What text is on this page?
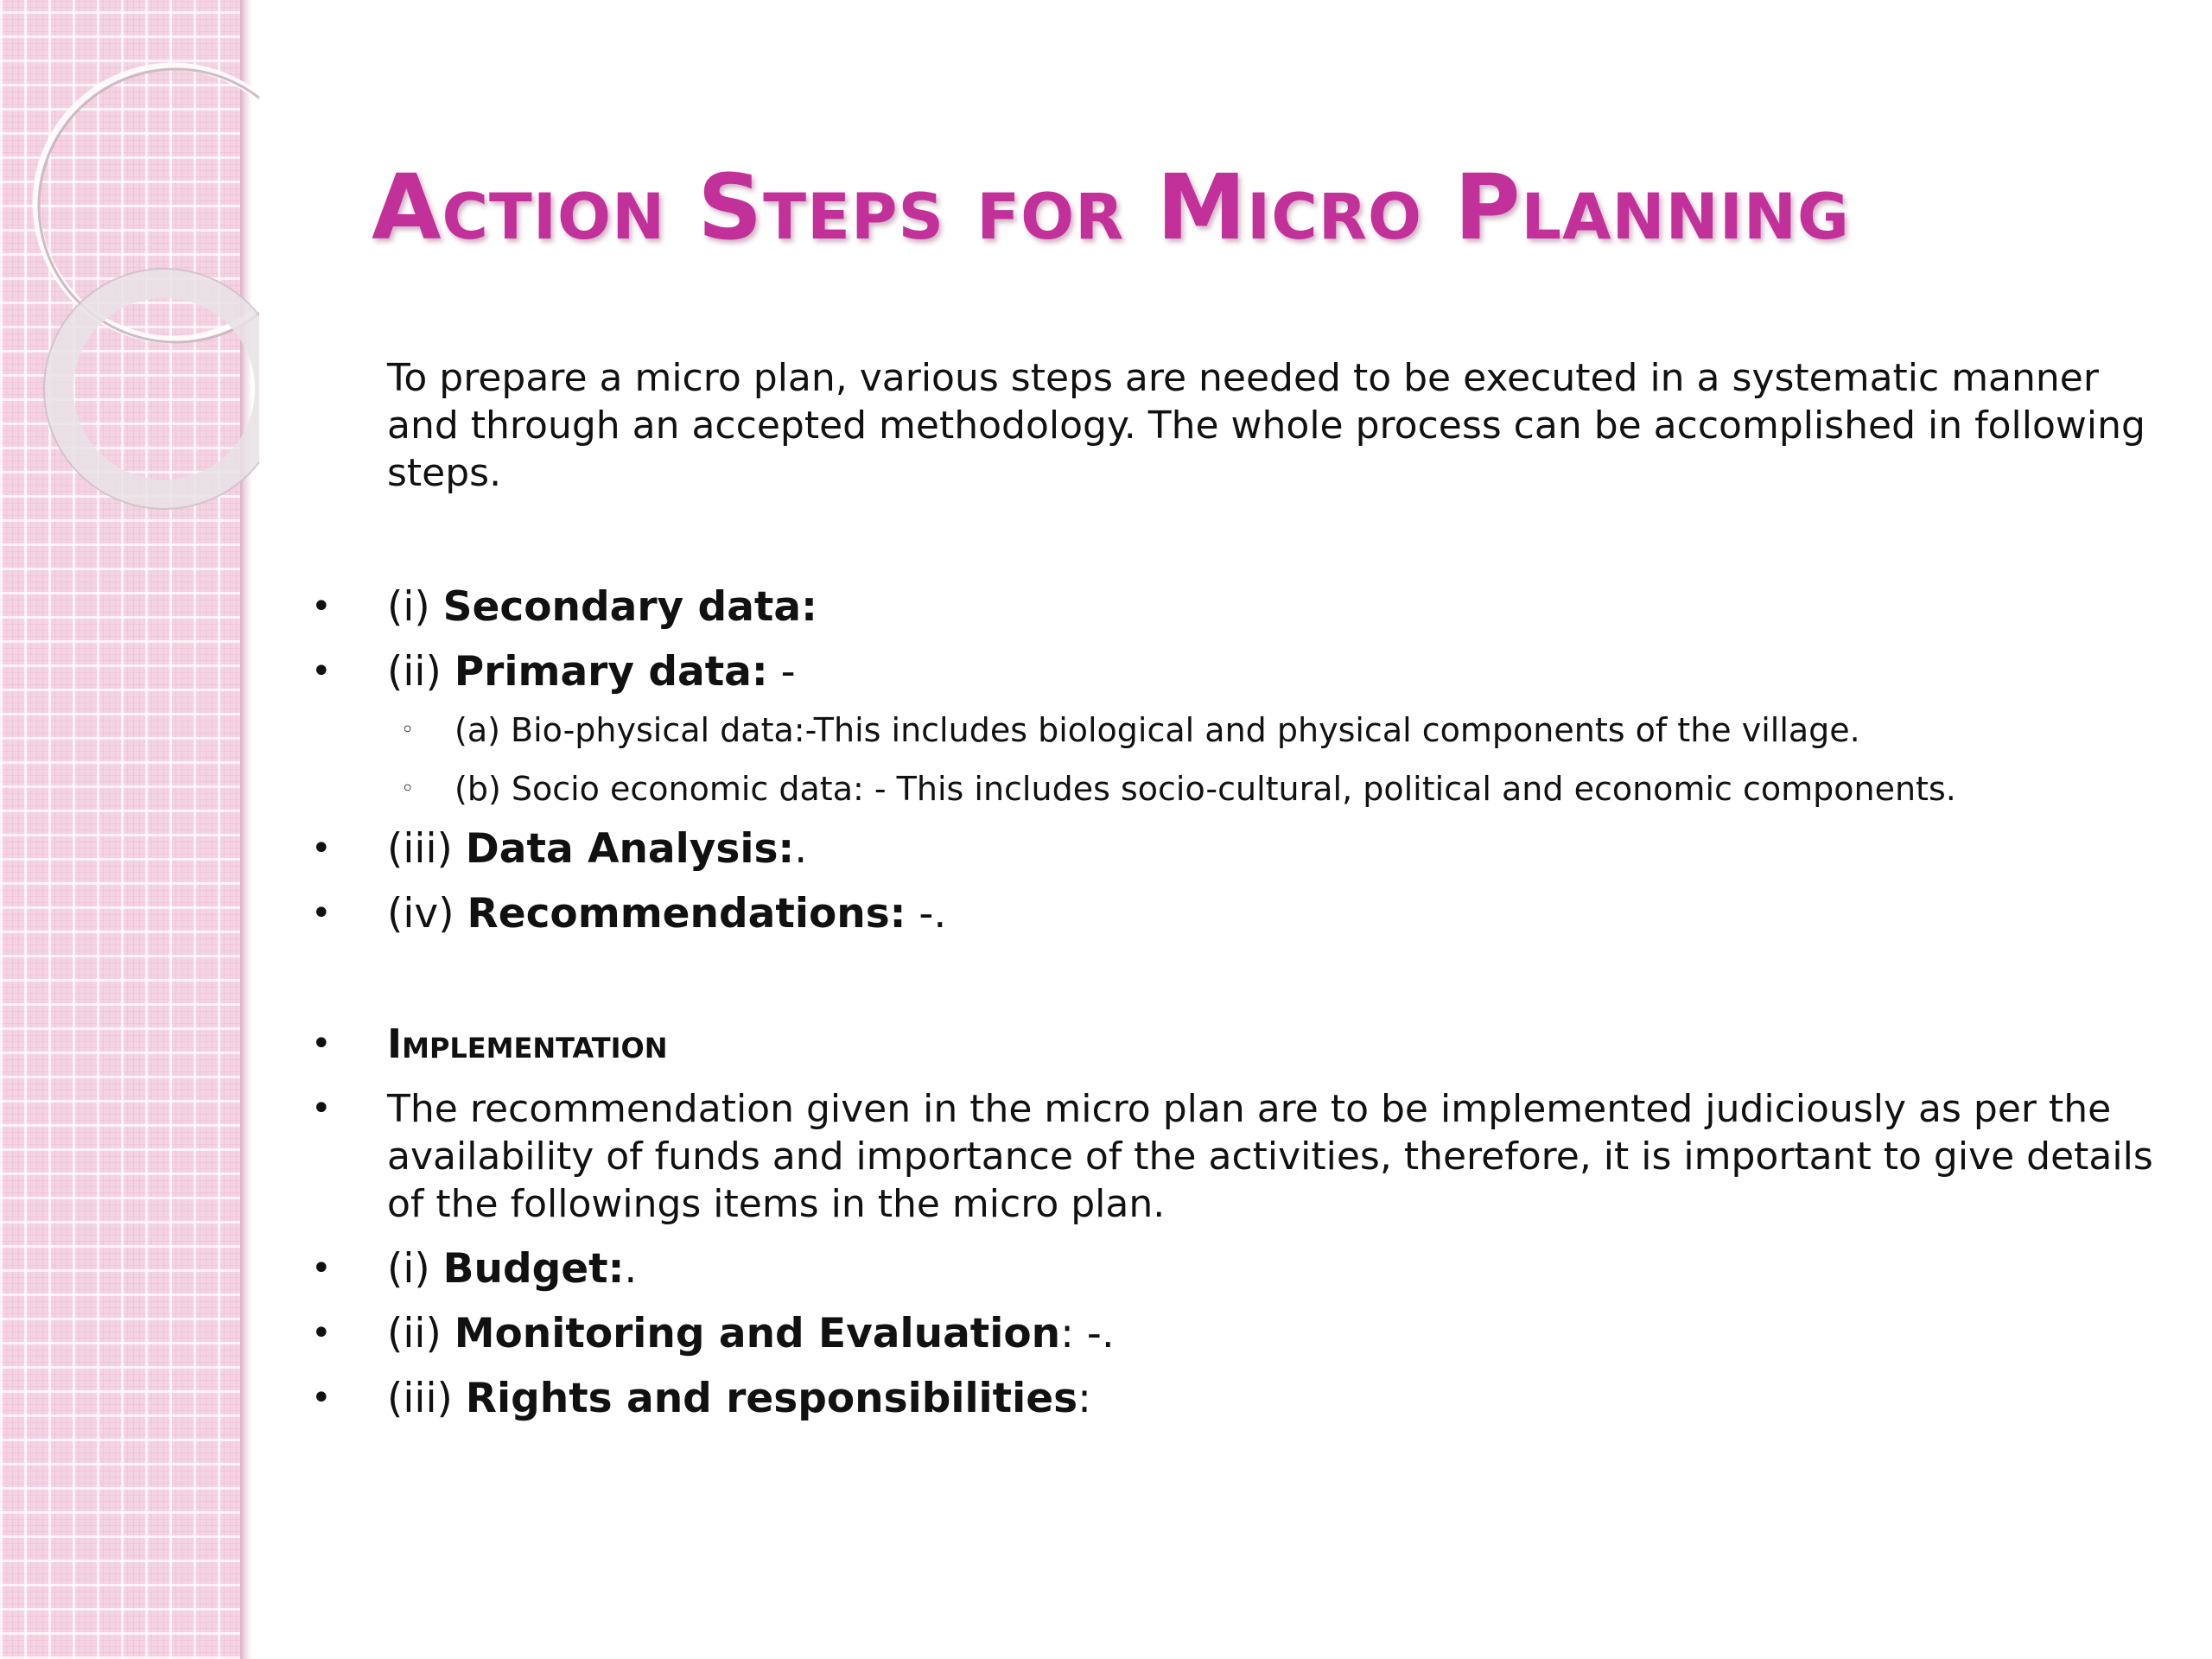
Action Steps for Micro Planning

To prepare a micro plan, various steps are needed to be executed in a systematic manner and through an accepted methodology. The whole process can be accomplished in following steps.

•	(i) Secondary data:
•	(ii) Primary data: -
◦ (a) Bio-physical data:-This includes biological and physical components of the village.
◦ (b) Socio economic data: - This includes socio-cultural, political and economic components.
•	(iii) Data Analysis:.
•	(iv) Recommendations: -.
•	Implementation
•	The recommendation given in the micro plan are to be implemented judiciously as per the availability of funds and importance of the activities, therefore, it is important to give details of the followings items in the micro plan.
•	(i) Budget:.
•	(ii) Monitoring and Evaluation: -.
•	(iii) Rights and responsibilities:
